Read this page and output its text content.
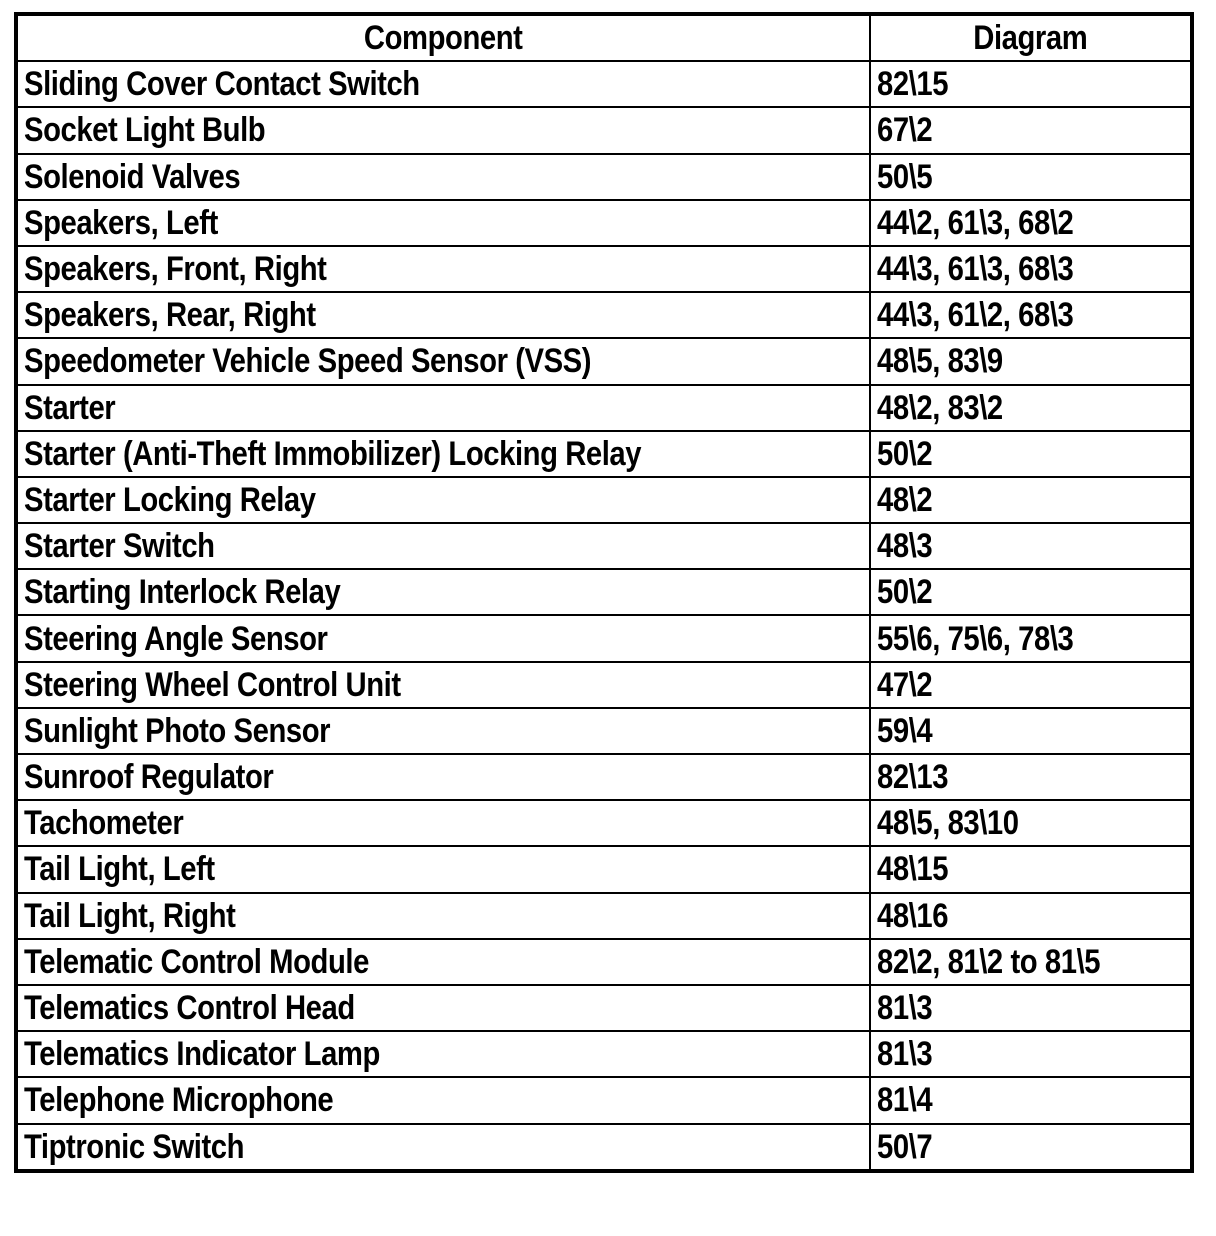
Component	Diagram
Sliding Cover Contact Switch	82\15
Socket Light Bulb	67\2
Solenoid Valves	50\5
Speakers, Left	44\2, 61\3, 68\2
Speakers, Front, Right	44\3, 61\3, 68\3
Speakers, Rear, Right	44\3, 61\2, 68\3
Speedometer Vehicle Speed Sensor (VSS)	48\5, 83\9
Starter	48\2, 83\2
Starter (Anti-Theft Immobilizer) Locking Relay	50\2
Starter Locking Relay	48\2
Starter Switch	48\3
Starting Interlock Relay	50\2
Steering Angle Sensor	55\6, 75\6, 78\3
Steering Wheel Control Unit	47\2
Sunlight Photo Sensor	59\4
Sunroof Regulator	82\13
Tachometer	48\5, 83\10
Tail Light, Left	48\15
Tail Light, Right	48\16
Telematic Control Module	82\2, 81\2 to 81\5
Telematics Control Head	81\3
Telematics Indicator Lamp	81\3
Telephone Microphone	81\4
Tiptronic Switch	50\7
